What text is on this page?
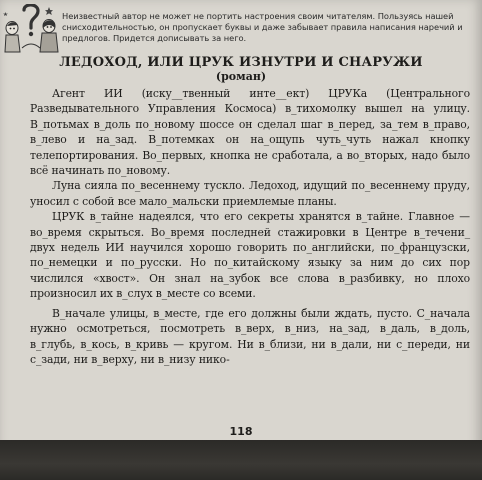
Неизвестный автор не может не портить настроения своим читателям. Пользуясь нашей снисходительностью, он пропускает буквы и даже забывает правила написания наречий и предлогов. Придется дописывать за него.
ЛЕДОХОД, ИЛИ ЦРУК ИЗНУТРИ И СНАРУЖИ
(роман)

Агент ИИ (иску__твенный инте__ект) ЦРУКа (Центрального Разведывательного Управления Космоса) в_тихомолку вышел на улицу. В_потьмах в_доль по_новому шоссе он сделал шаг в_перед, за_тем в_право, в_лево и на_зад. В_потемках он на_ощупь чуть_чуть нажал кнопку телепортирования. Во_первых, кнопка не сработала, а во_вторых, надо было всё начинать по_новому.

Луна сияла по_весеннему тускло. Ледоход, идущий по_весеннему пруду, уносил с собой все мало_мальски приемлемые планы.

ЦРУК в_тайне надеялся, что его секреты хранятся в_тайне. Главное — во_время скрыться. Во_время последней стажировки в Центре в_течени_ двух недель ИИ научился хорошо говорить по_английски, по_французски, по_немецки и по_русски. Но по_китайскому языку за ним до сих пор числился «хвост». Он знал на_зубок все слова в_разбивку, но плохо произносил их в_слух в_месте со всеми.

В_начале улицы, в_месте, где его должны были ждать, пусто. С_начала нужно осмотреться, посмотреть в_верх, в_низ, на_зад, в_даль, в_доль, в_глубь, в_кось, в_кривь — кругом. Ни в_близи, ни в_дали, ни с_переди, ни с_зади, ни в_верху, ни в_низу нико-

118
